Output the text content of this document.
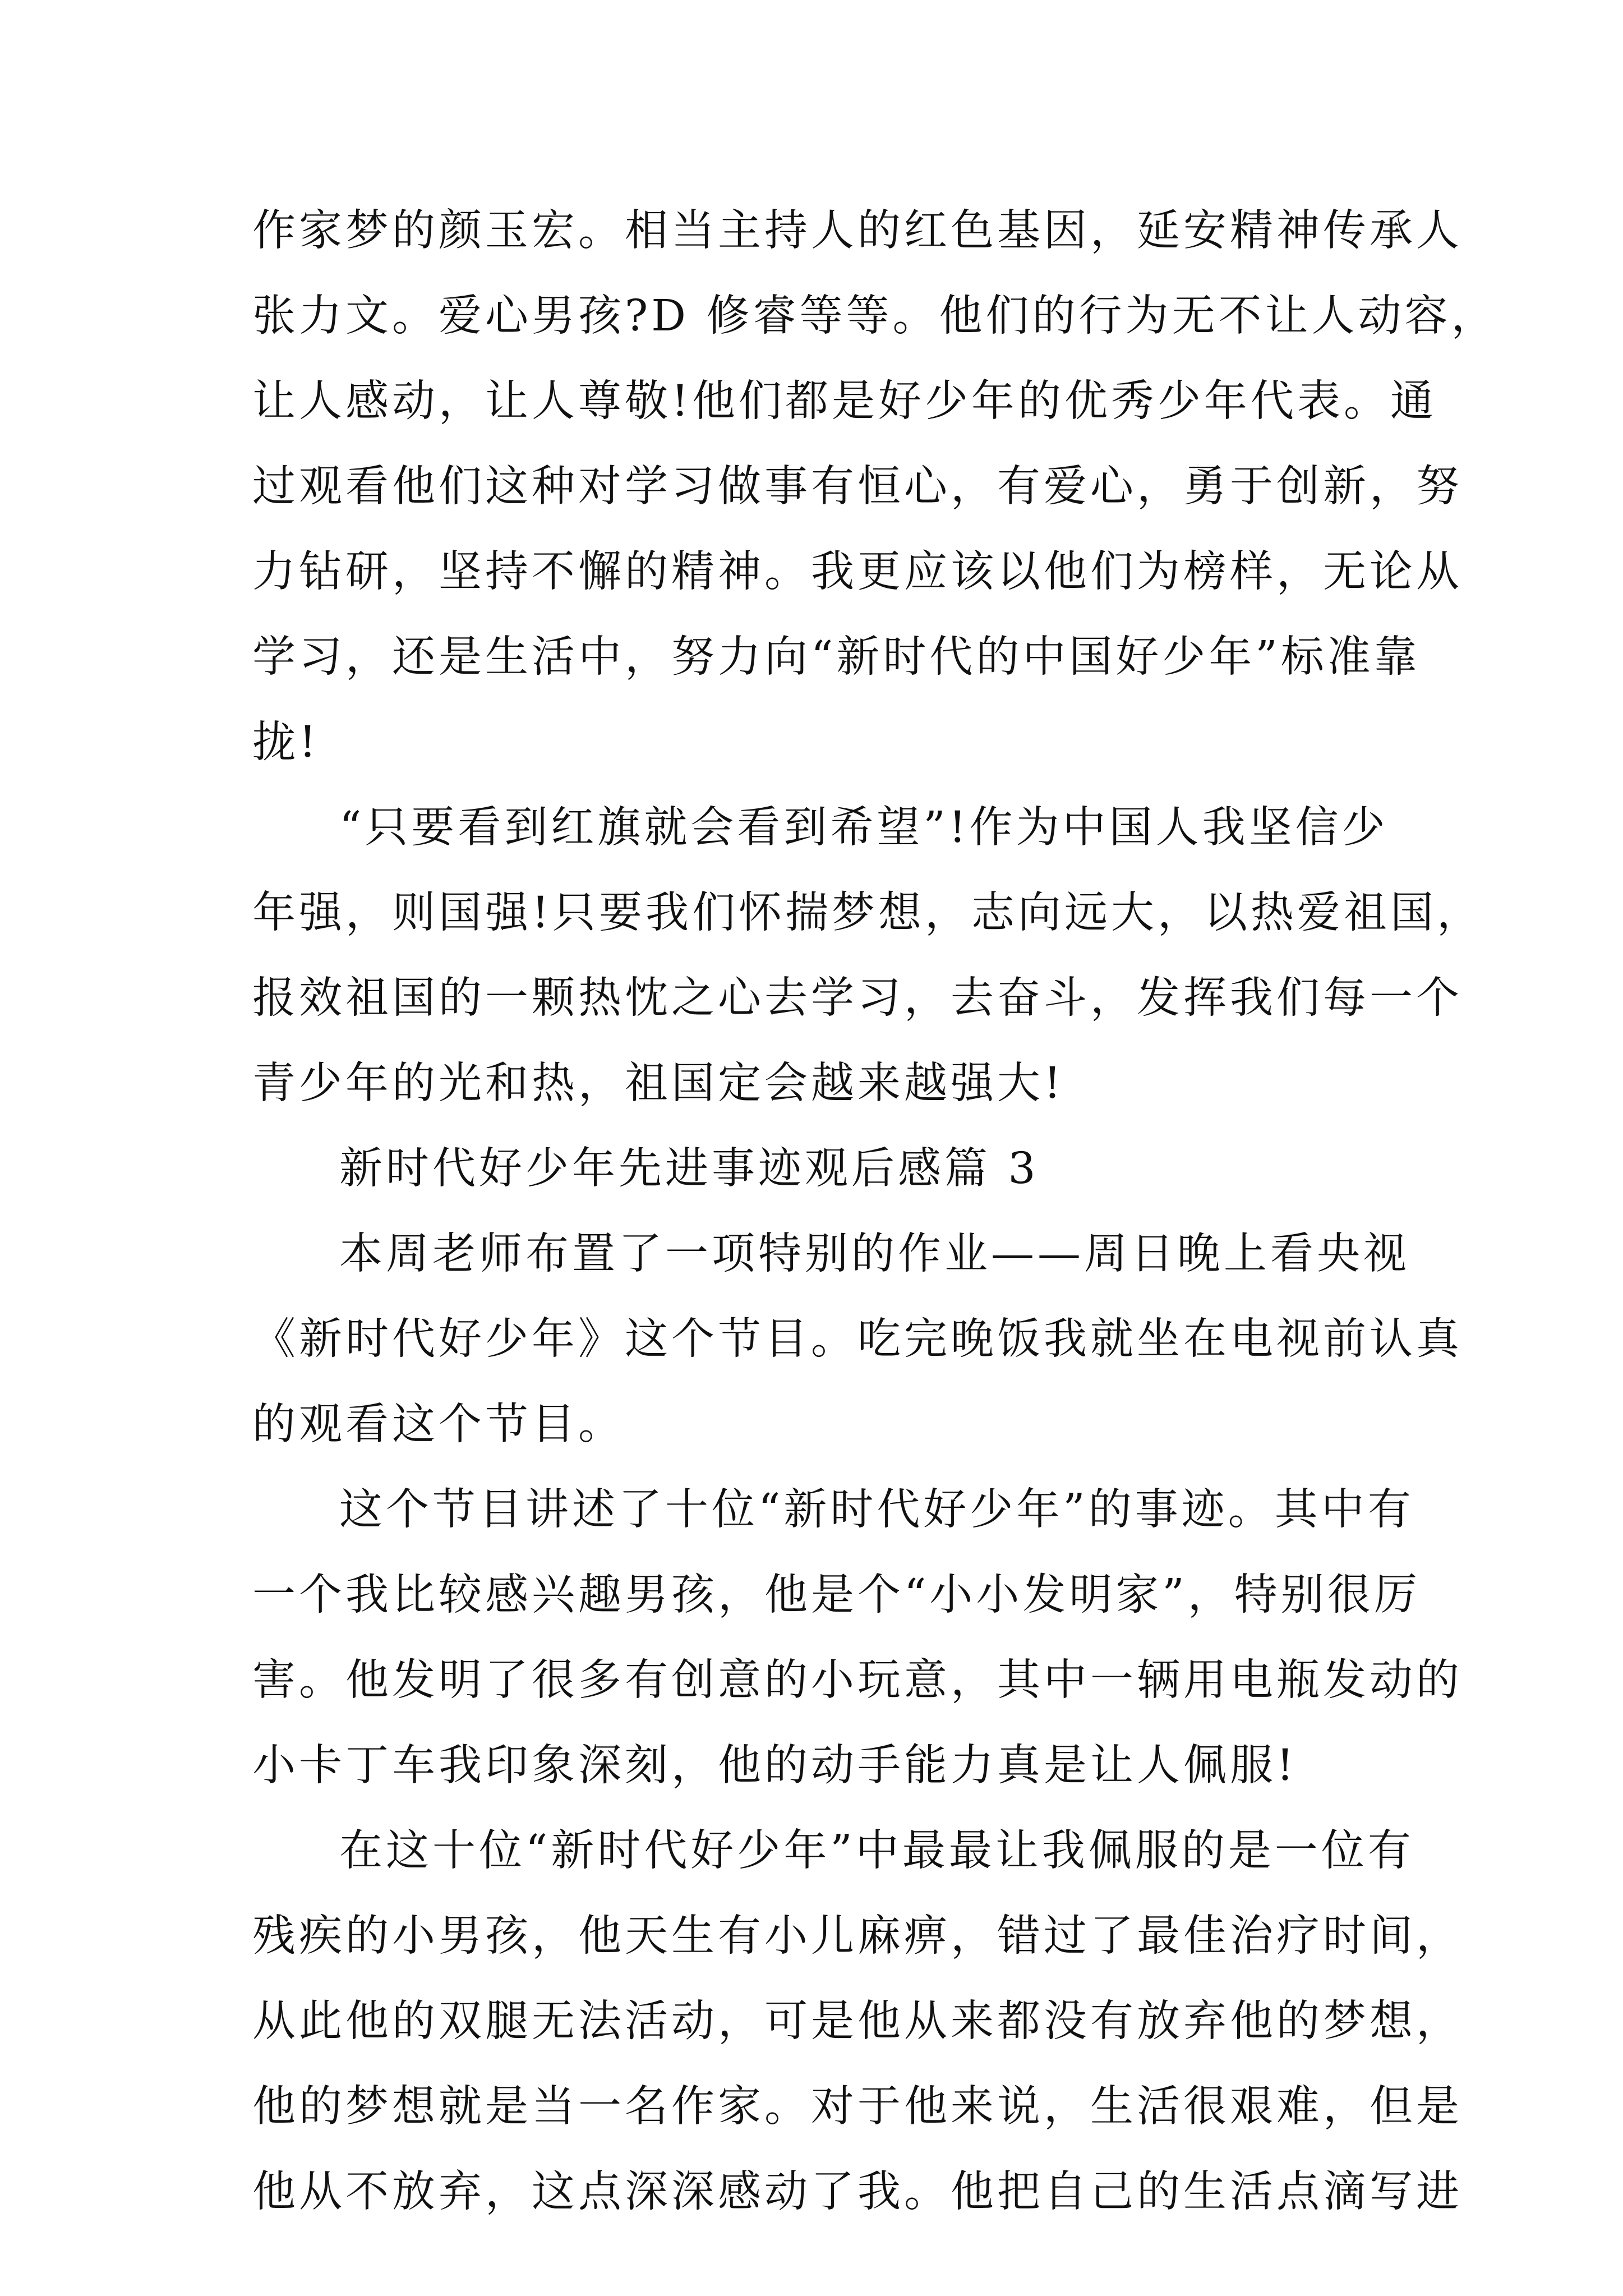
作家梦的颜玉宏。相当主持人的红色基因，延安精神传承人
张力文。爱心男孩?D 修睿等等。他们的行为无不让人动容，
让人感动，让人尊敬!他们都是好少年的优秀少年代表。通
过观看他们这种对学习做事有恒心，有爱心，勇于创新，努
力钻研，坚持不懈的精神。我更应该以他们为榜样，无论从
学习，还是生活中，努力向“新时代的中国好少年”标准靠
拢!
“只要看到红旗就会看到希望”!作为中国人我坚信少
年强，则国强!只要我们怀揣梦想，志向远大，以热爱祖国，
报效祖国的一颗热忱之心去学习，去奋斗，发挥我们每一个
青少年的光和热，祖国定会越来越强大!
新时代好少年先进事迹观后感篇 3
本周老师布置了一项特别的作业——周日晚上看央视
《新时代好少年》这个节目。吃完晚饭我就坐在电视前认真
的观看这个节目。
这个节目讲述了十位“新时代好少年”的事迹。其中有
一个我比较感兴趣男孩，他是个“小小发明家”，特别很厉
害。他发明了很多有创意的小玩意，其中一辆用电瓶发动的
小卡丁车我印象深刻，他的动手能力真是让人佩服!
在这十位“新时代好少年”中最最让我佩服的是一位有
残疾的小男孩，他天生有小儿麻痹，错过了最佳治疗时间，
从此他的双腿无法活动，可是他从来都没有放弃他的梦想，
他的梦想就是当一名作家。对于他来说，生活很艰难，但是
他从不放弃，这点深深感动了我。他把自己的生活点滴写进
